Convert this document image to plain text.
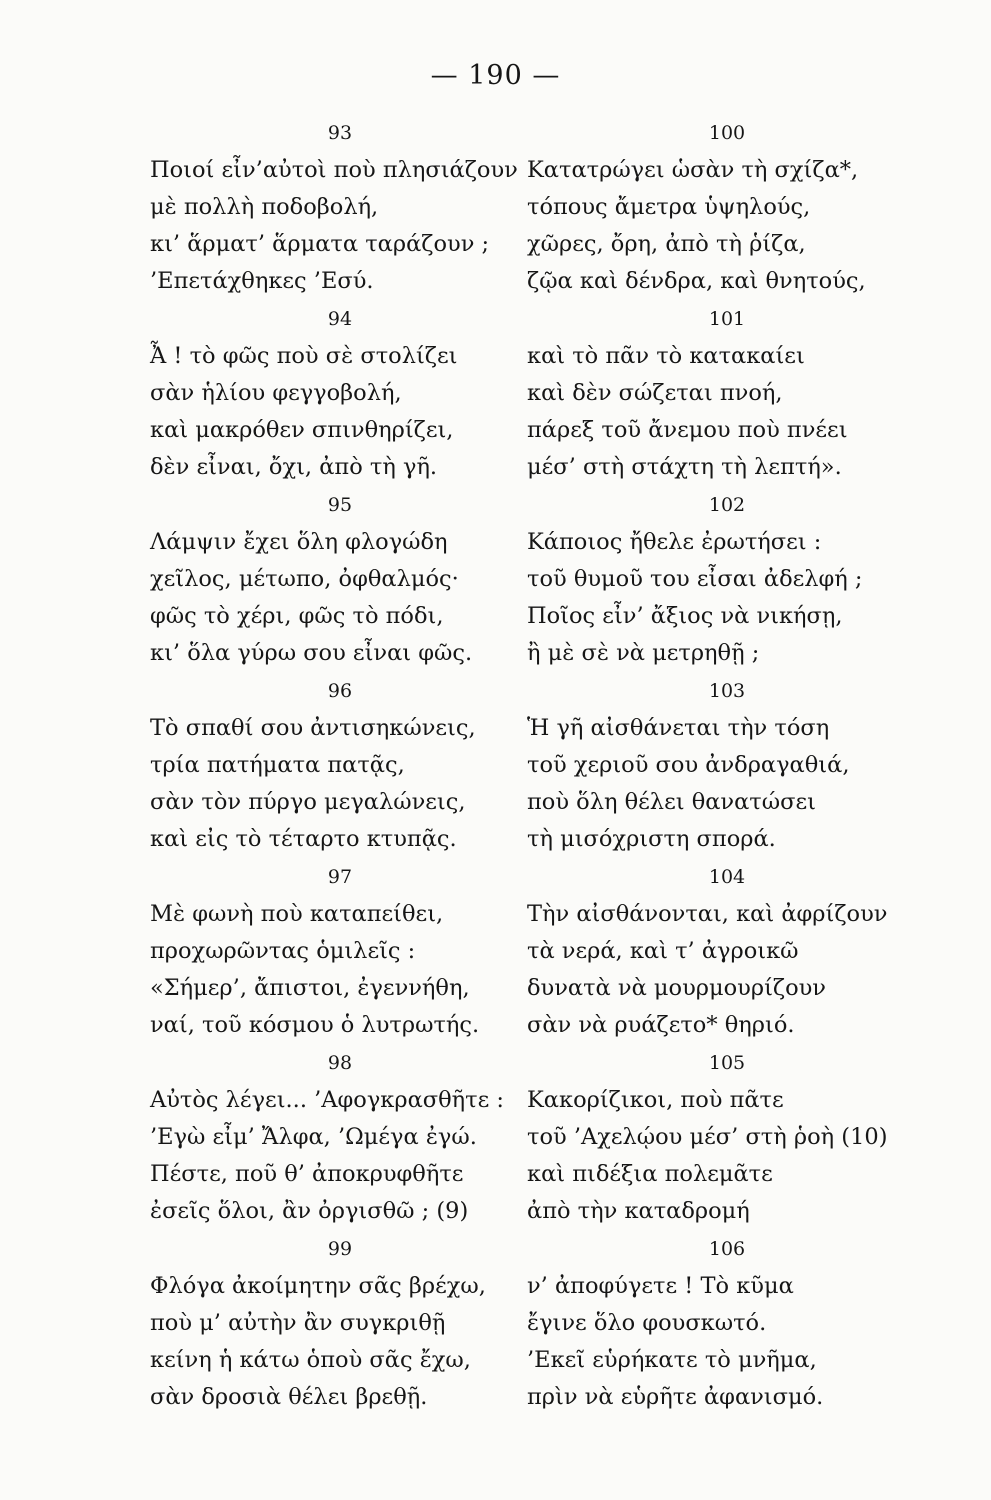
— 190 —
93
Ποιοί εἶν’αὐτοὶ ποὺ πλησιάζουν
μὲ πολλὴ ποδοβολή,
κι’ ἅρματ’ ἅρματα ταράζουν ;
’Επετάχθηκες ’Εσύ.
94
Ἆ ! τὸ φῶς ποὺ σὲ στολίζει
σὰν ἡλίου φεγγοβολή,
καὶ μακρόθεν σπινθηρίζει,
δὲν εἶναι, ὄχι, ἀπὸ τὴ γῆ.
95
Λάμψιν ἔχει ὅλη φλογώδη
χεῖλος, μέτωπο, ὀφθαλμός·
φῶς τὸ χέρι, φῶς τὸ πόδι,
κι’ ὅλα γύρω σου εἶναι φῶς.
96
Τὸ σπαθί σου ἀντισηκώνεις,
τρία πατήματα πατᾷς,
σὰν τὸν πύργο μεγαλώνεις,
καὶ εἰς τὸ τέταρτο κτυπᾷς.
97
Μὲ φωνὴ ποὺ καταπείθει,
προχωρῶντας ὁμιλεῖς :
«Σήμερ’, ἄπιστοι, ἐγεννήθη,
ναί, τοῦ κόσμου ὁ λυτρωτής.
98
Αὐτὸς λέγει... ’Αφογκρασθῆτε :
’Εγὼ εἶμ’ Ἄλφα, ’Ωμέγα ἐγώ.
Πέστε, ποῦ θ’ ἀποκρυφθῆτε
ἐσεῖς ὅλοι, ἂν ὀργισθῶ ; (9)
99
Φλόγα ἀκοίμητην σᾶς βρέχω,
ποὺ μ’ αὐτὴν ἂν συγκριθῇ
κείνη ἡ κάτω ὁποὺ σᾶς ἔχω,
σὰν δροσιὰ θέλει βρεθῇ.
100
Κατατρώγει ὡσὰν τὴ σχίζα*,
τόπους ἄμετρα ὑψηλούς,
χῶρες, ὄρη, ἀπὸ τὴ ῥίζα,
ζῷα καὶ δένδρα, καὶ θνητούς,
101
καὶ τὸ πᾶν τὸ κατακαίει
καὶ δὲν σώζεται πνοή,
πάρεξ τοῦ ἄνεμου ποὺ πνέει
μέσ’ στὴ στάχτη τὴ λεπτή».
102
Κάποιος ἤθελε ἐρωτήσει :
τοῦ θυμοῦ του εἶσαι ἀδελφή ;
Ποῖος εἶν’ ἄξιος νὰ νικήσῃ,
ἢ μὲ σὲ νὰ μετρηθῇ ;
103
Ἡ γῆ αἰσθάνεται τὴν τόση
τοῦ χεριοῦ σου ἀνδραγαθιά,
ποὺ ὅλη θέλει θανατώσει
τὴ μισόχριστη σπορά.
104
Τὴν αἰσθάνονται, καὶ ἀφρίζουν
τὰ νερά, καὶ τ’ ἀγροικῶ
δυνατὰ νὰ μουρμουρίζουν
σὰν νὰ ρυάζετο* θηριό.
105
Κακορίζικοι, ποὺ πᾶτε
τοῦ ’Αχελῴου μέσ’ στὴ ῥοὴ (10)
καὶ πιδέξια πολεμᾶτε
ἀπὸ τὴν καταδρομή
106
ν’ ἀποφύγετε ! Τὸ κῦμα
ἔγινε ὅλο φουσκωτό.
’Εκεῖ εὑρήκατε τὸ μνῆμα,
πρὶν νὰ εὑρῆτε ἀφανισμό.
